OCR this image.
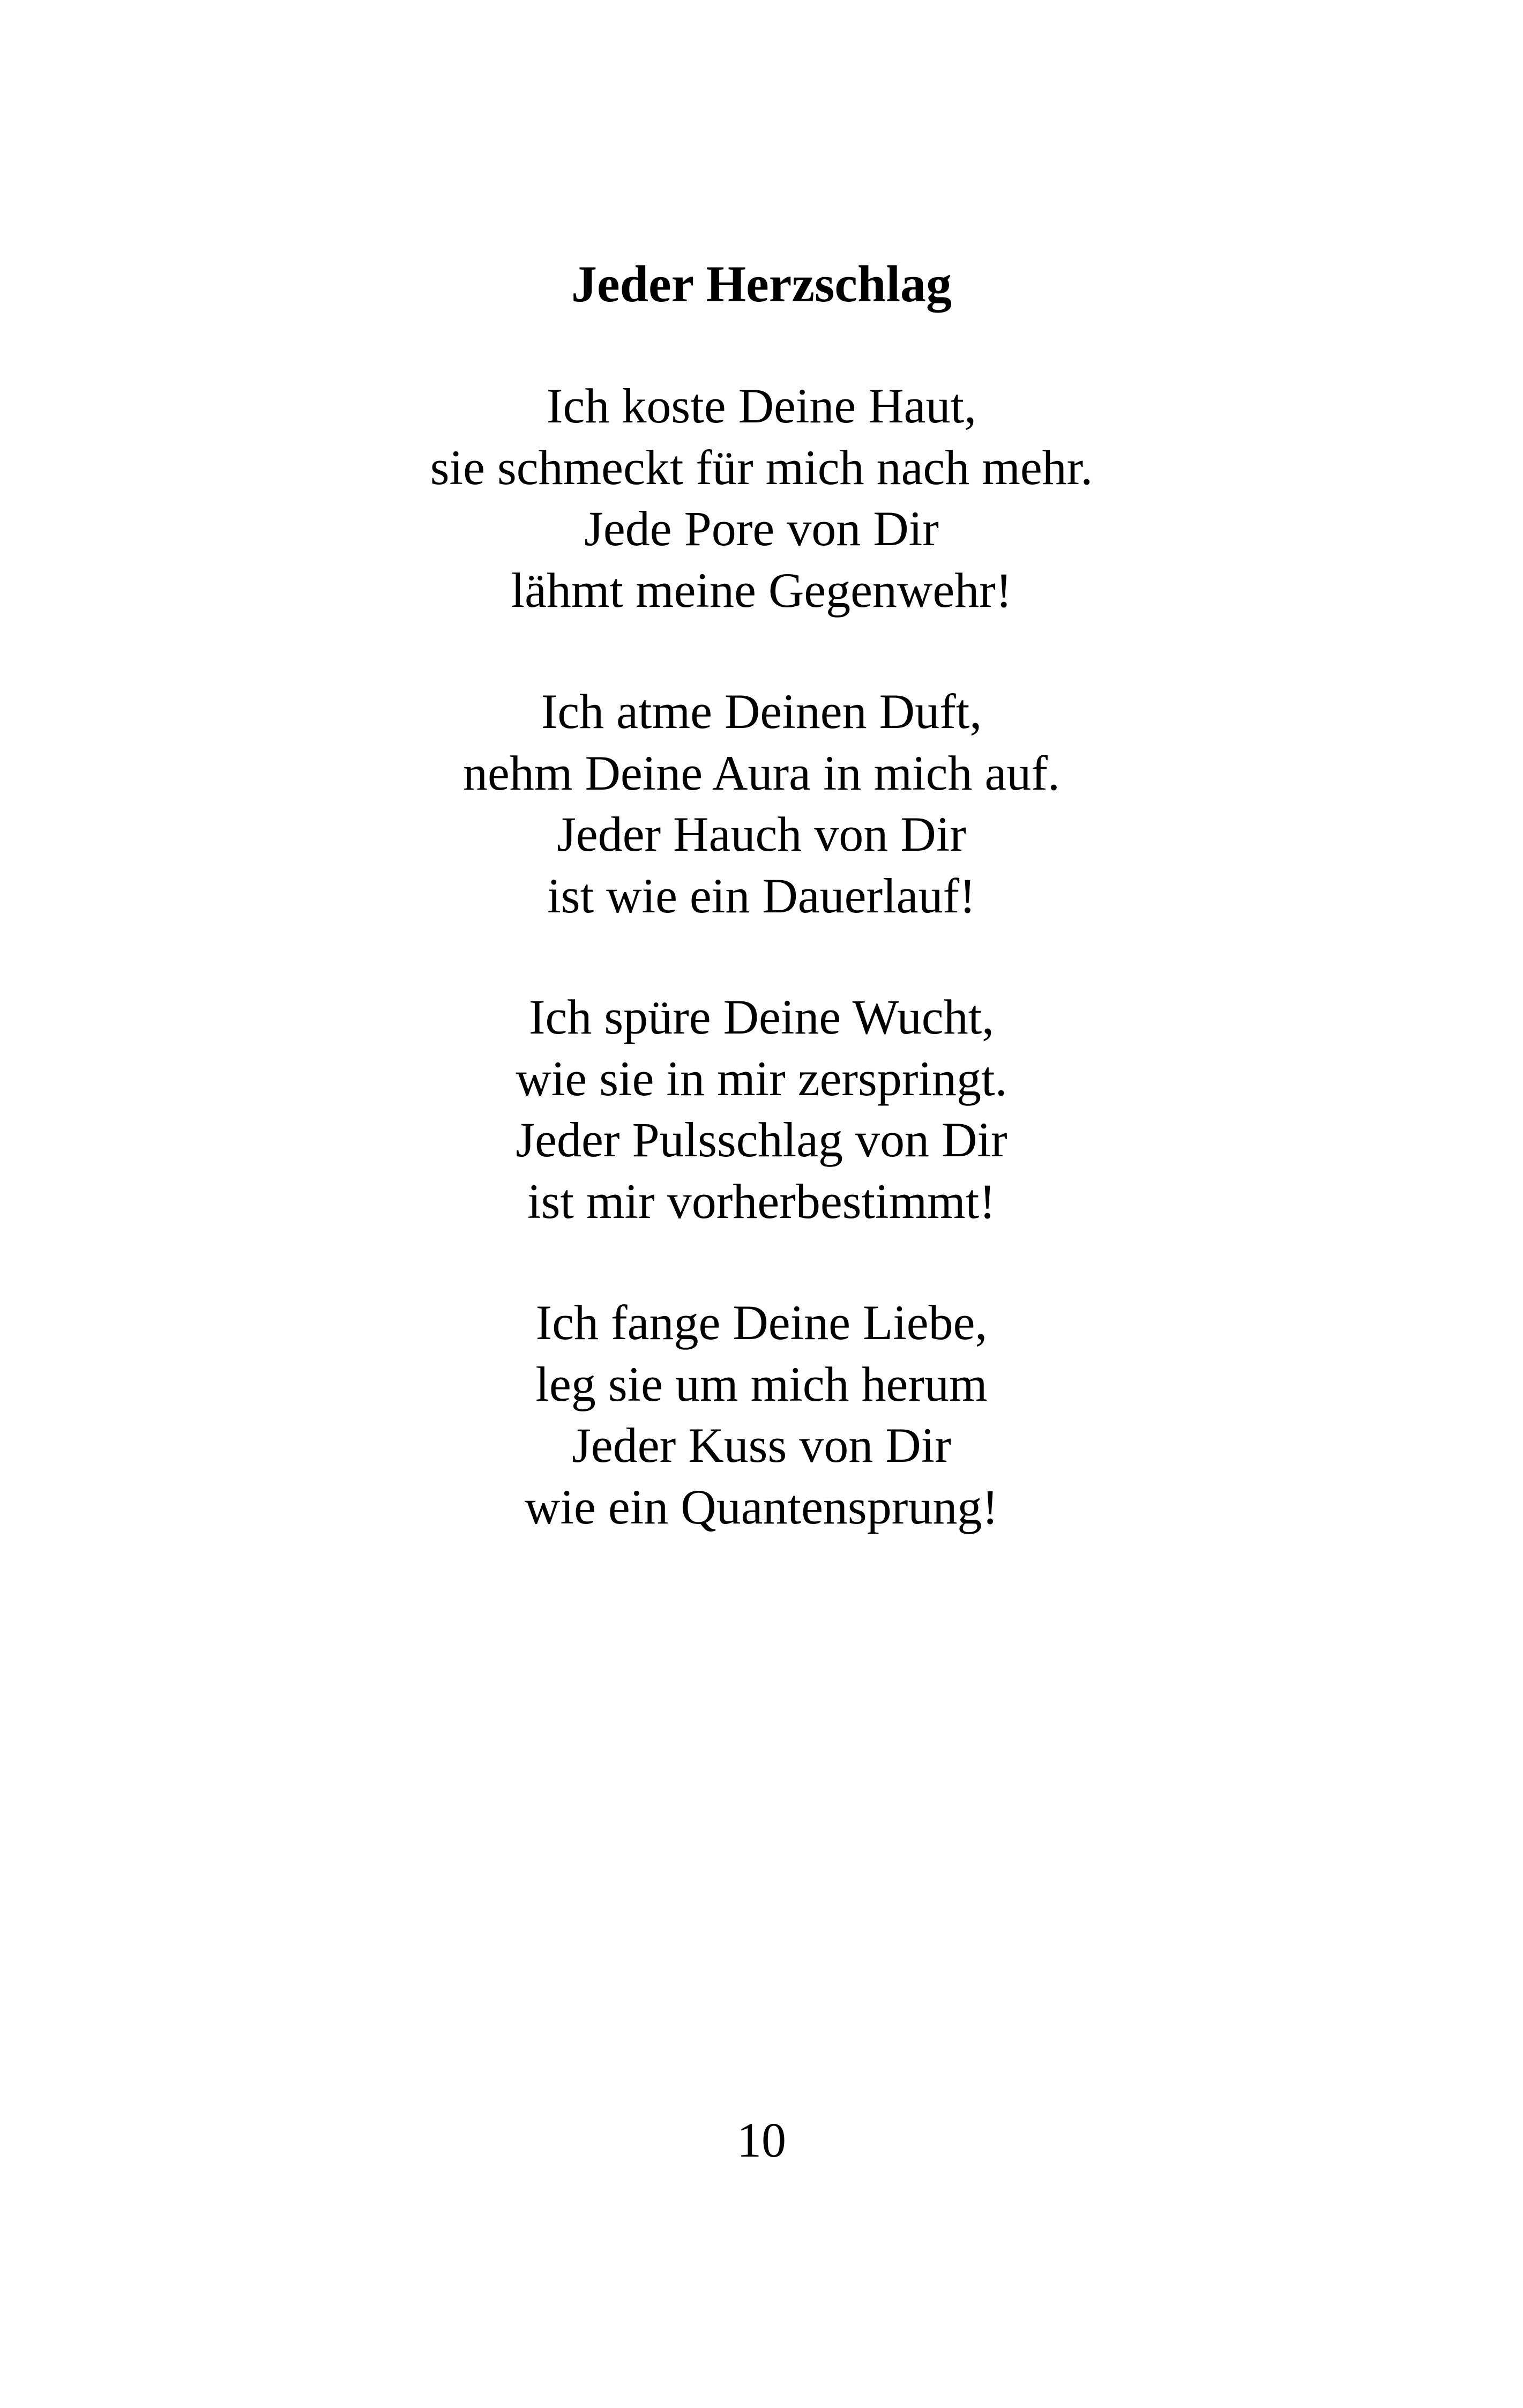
Jeder Herzschlag
Ich koste Deine Haut,
sie schmeckt für mich nach mehr.
Jede Pore von Dir
lähmt meine Gegenwehr!
Ich atme Deinen Duft,
nehm Deine Aura in mich auf.
Jeder Hauch von Dir
ist wie ein Dauerlauf!
Ich spüre Deine Wucht,
wie sie in mir zerspringt.
Jeder Pulsschlag von Dir
ist mir vorherbestimmt!
Ich fange Deine Liebe,
leg sie um mich herum
Jeder Kuss von Dir
wie ein Quantensprung!
10
